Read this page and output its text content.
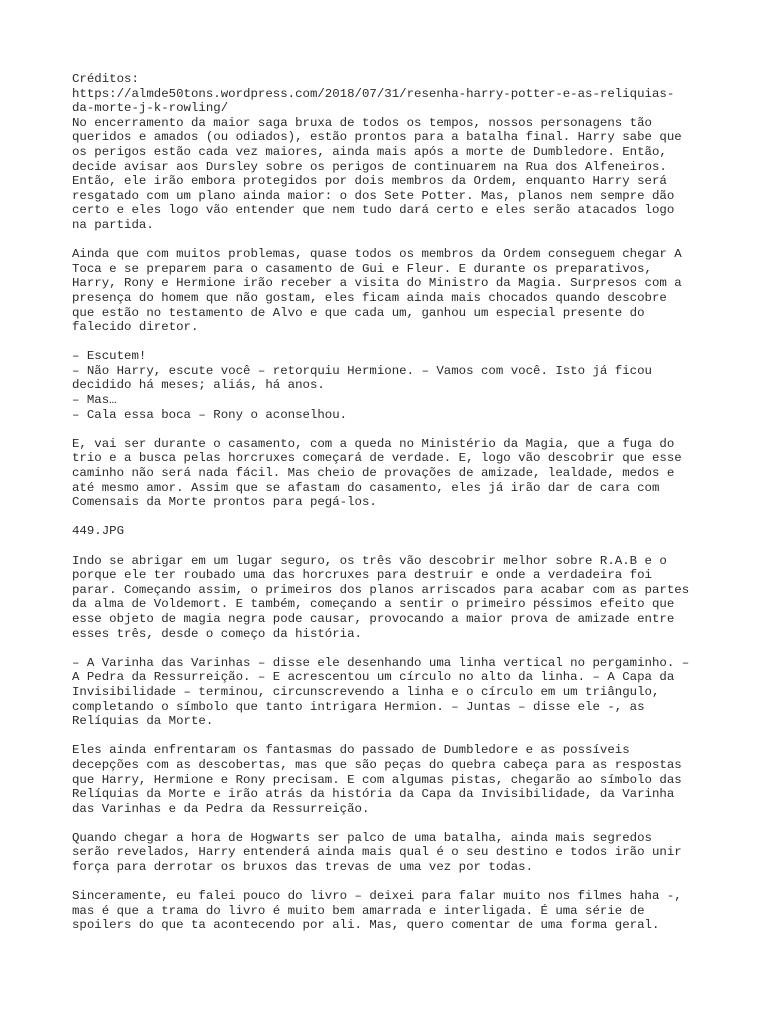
Créditos:
https://almde50tons.wordpress.com/2018/07/31/resenha-harry-potter-e-as-reliquias-
da-morte-j-k-rowling/
No encerramento da maior saga bruxa de todos os tempos, nossos personagens tão
queridos e amados (ou odiados), estão prontos para a batalha final. Harry sabe que
os perigos estão cada vez maiores, ainda mais após a morte de Dumbledore. Então,
decide avisar aos Dursley sobre os perigos de continuarem na Rua dos Alfeneiros.
Então, ele irão embora protegidos por dois membros da Ordem, enquanto Harry será
resgatado com um plano ainda maior: o dos Sete Potter. Mas, planos nem sempre dão
certo e eles logo vão entender que nem tudo dará certo e eles serão atacados logo
na partida.

Ainda que com muitos problemas, quase todos os membros da Ordem conseguem chegar A
Toca e se preparem para o casamento de Gui e Fleur. E durante os preparativos,
Harry, Rony e Hermione irão receber a visita do Ministro da Magia. Surpresos com a
presença do homem que não gostam, eles ficam ainda mais chocados quando descobre
que estão no testamento de Alvo e que cada um, ganhou um especial presente do
falecido diretor.

– Escutem!
– Não Harry, escute você – retorquiu Hermione. – Vamos com você. Isto já ficou
decidido há meses; aliás, há anos.
– Mas…
– Cala essa boca – Rony o aconselhou.

E, vai ser durante o casamento, com a queda no Ministério da Magia, que a fuga do
trio e a busca pelas horcruxes começará de verdade. E, logo vão descobrir que esse
caminho não será nada fácil. Mas cheio de provações de amizade, lealdade, medos e
até mesmo amor. Assim que se afastam do casamento, eles já irão dar de cara com
Comensais da Morte prontos para pegá-los.

449.JPG

Indo se abrigar em um lugar seguro, os três vão descobrir melhor sobre R.A.B e o
porque ele ter roubado uma das horcruxes para destruir e onde a verdadeira foi
parar. Começando assim, o primeiros dos planos arriscados para acabar com as partes
da alma de Voldemort. E também, começando a sentir o primeiro péssimos efeito que
esse objeto de magia negra pode causar, provocando a maior prova de amizade entre
esses três, desde o começo da história.

– A Varinha das Varinhas – disse ele desenhando uma linha vertical no pergaminho. –
A Pedra da Ressurreição. – E acrescentou um círculo no alto da linha. – A Capa da
Invisibilidade – terminou, circunscrevendo a linha e o círculo em um triângulo,
completando o símbolo que tanto intrigara Hermion. – Juntas – disse ele -, as
Relíquias da Morte.

Eles ainda enfrentaram os fantasmas do passado de Dumbledore e as possíveis
decepções com as descobertas, mas que são peças do quebra cabeça para as respostas
que Harry, Hermione e Rony precisam. E com algumas pistas, chegarão ao símbolo das
Relíquias da Morte e irão atrás da história da Capa da Invisibilidade, da Varinha
das Varinhas e da Pedra da Ressurreição.

Quando chegar a hora de Hogwarts ser palco de uma batalha, ainda mais segredos
serão revelados, Harry entenderá ainda mais qual é o seu destino e todos irão unir
força para derrotar os bruxos das trevas de uma vez por todas.

Sinceramente, eu falei pouco do livro – deixei para falar muito nos filmes haha -,
mas é que a trama do livro é muito bem amarrada e interligada. É uma série de
spoilers do que ta acontecendo por ali. Mas, quero comentar de uma forma geral.
